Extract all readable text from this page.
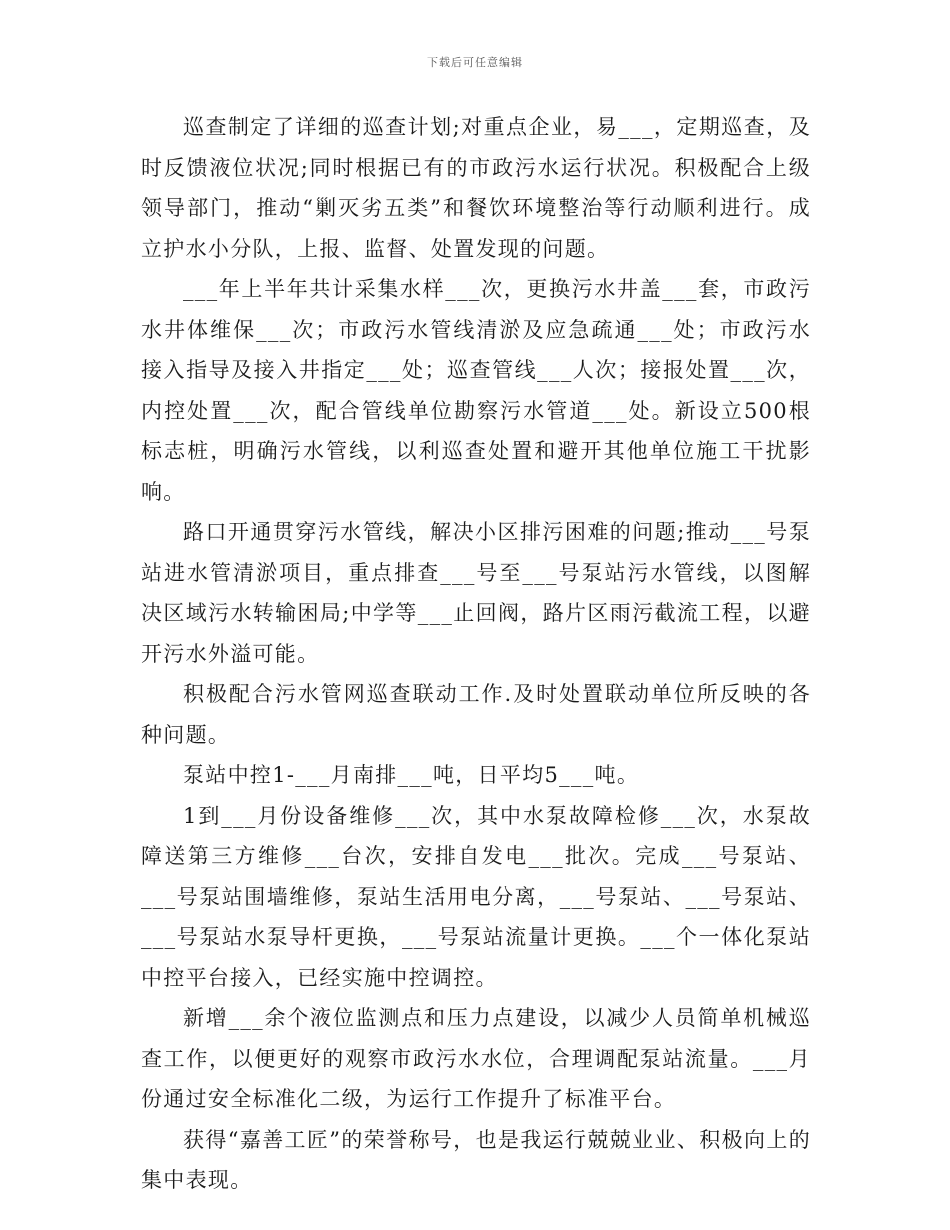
下载后可任意编辑

巡查制定了详细的巡查计划;对重点企业，易___，定期巡查，及时反馈液位状况;同时根据已有的市政污水运行状况。积极配合上级领导部门，推动“剿灭劣五类”和餐饮环境整治等行动顺利进行。成立护水小分队，上报、监督、处置发现的问题。

___年上半年共计采集水样___次，更换污水井盖___套，市政污水井体维保___次；市政污水管线清淤及应急疏通___处；市政污水接入指导及接入井指定___处；巡查管线___人次；接报处置___次，内控处置___次，配合管线单位勘察污水管道___处。新设立500根标志桩，明确污水管线，以利巡查处置和避开其他单位施工干扰影响。

路口开通贯穿污水管线，解决小区排污困难的问题;推动___号泵站进水管清淤项目，重点排查___号至___号泵站污水管线，以图解决区域污水转输困局;中学等___止回阀，路片区雨污截流工程，以避开污水外溢可能。

积极配合污水管网巡查联动工作.及时处置联动单位所反映的各种问题。

泵站中控1-___月南排___吨，日平均5___吨。

1到___月份设备维修___次，其中水泵故障检修___次，水泵故障送第三方维修___台次，安排自发电___批次。完成___号泵站、___号泵站围墙维修，泵站生活用电分离，___号泵站、___号泵站、___号泵站水泵导杆更换，___号泵站流量计更换。___个一体化泵站中控平台接入，已经实施中控调控。

新增___余个液位监测点和压力点建设，以减少人员简单机械巡查工作，以便更好的观察市政污水水位，合理调配泵站流量。___月份通过安全标准化二级，为运行工作提升了标准平台。

获得“嘉善工匠”的荣誉称号，也是我运行兢兢业业、积极向上的集中表现。
